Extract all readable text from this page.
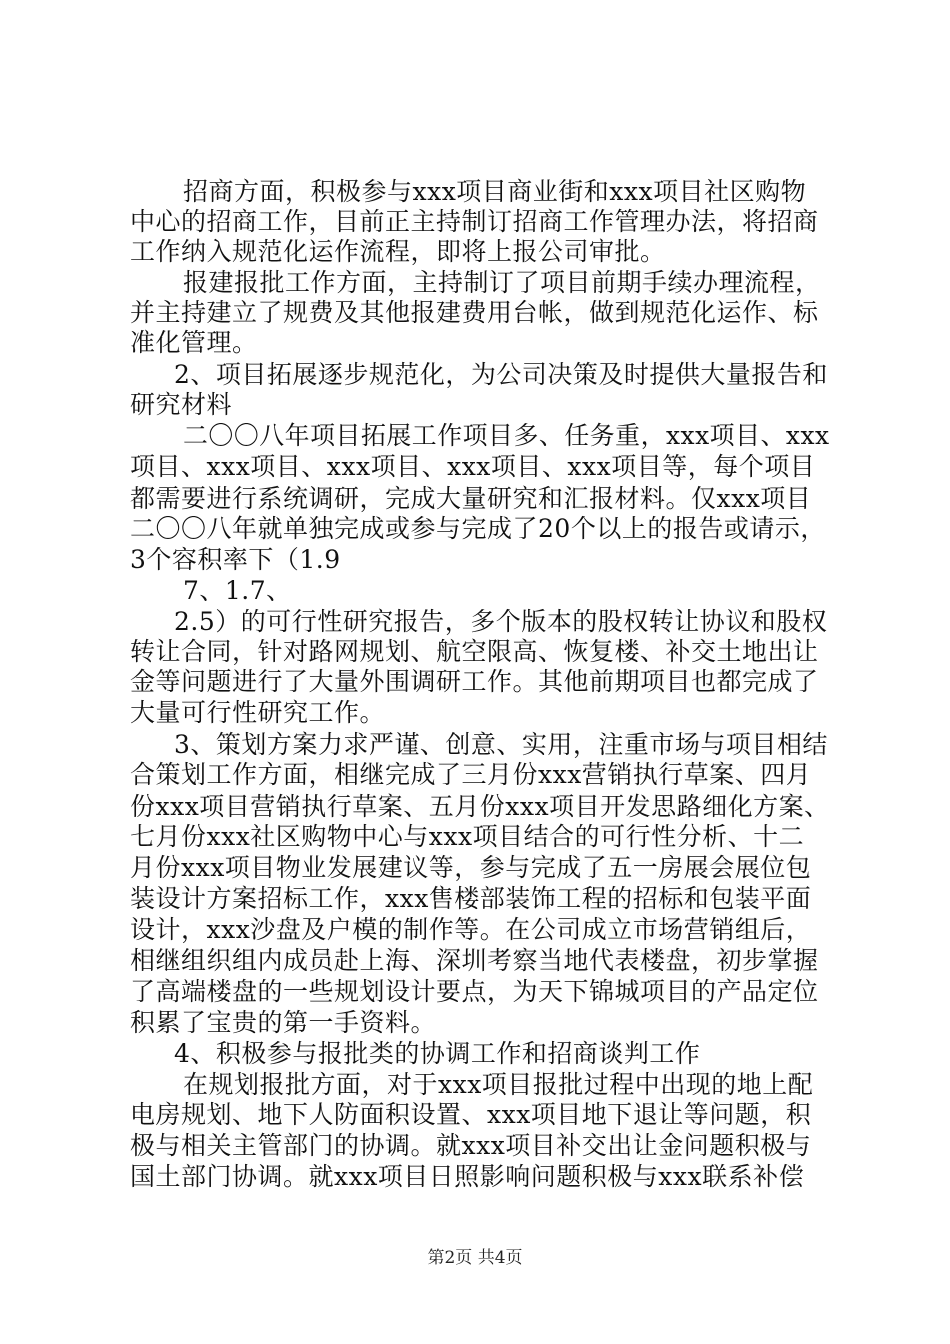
招商方面，积极参与xxx项目商业街和xxx项目社区购物
中心的招商工作，目前正主持制订招商工作管理办法，将招商
工作纳入规范化运作流程，即将上报公司审批。
报建报批工作方面，主持制订了项目前期手续办理流程，
并主持建立了规费及其他报建费用台帐，做到规范化运作、标
准化管理。
2、项目拓展逐步规范化，为公司决策及时提供大量报告和
研究材料
二〇〇八年项目拓展工作项目多、任务重，xxx项目、xxx
项目、xxx项目、xxx项目、xxx项目、xxx项目等，每个项目
都需要进行系统调研，完成大量研究和汇报材料。仅xxx项目
二〇〇八年就单独完成或参与完成了20个以上的报告或请示，
3个容积率下（1.9
7、1.7、
2.5）的可行性研究报告，多个版本的股权转让协议和股权
转让合同，针对路网规划、航空限高、恢复楼、补交土地出让
金等问题进行了大量外围调研工作。其他前期项目也都完成了
大量可行性研究工作。
3、策划方案力求严谨、创意、实用，注重市场与项目相结
合策划工作方面，相继完成了三月份xxx营销执行草案、四月
份xxx项目营销执行草案、五月份xxx项目开发思路细化方案、
七月份xxx社区购物中心与xxx项目结合的可行性分析、十二
月份xxx项目物业发展建议等，参与完成了五一房展会展位包
装设计方案招标工作，xxx售楼部装饰工程的招标和包装平面
设计，xxx沙盘及户模的制作等。在公司成立市场营销组后，
相继组织组内成员赴上海、深圳考察当地代表楼盘，初步掌握
了高端楼盘的一些规划设计要点，为天下锦城项目的产品定位
积累了宝贵的第一手资料。
4、积极参与报批类的协调工作和招商谈判工作
在规划报批方面，对于xxx项目报批过程中出现的地上配
电房规划、地下人防面积设置、xxx项目地下退让等问题，积
极与相关主管部门的协调。就xxx项目补交出让金问题积极与
国土部门协调。就xxx项目日照影响问题积极与xxx联系补偿
第2页 共4页
